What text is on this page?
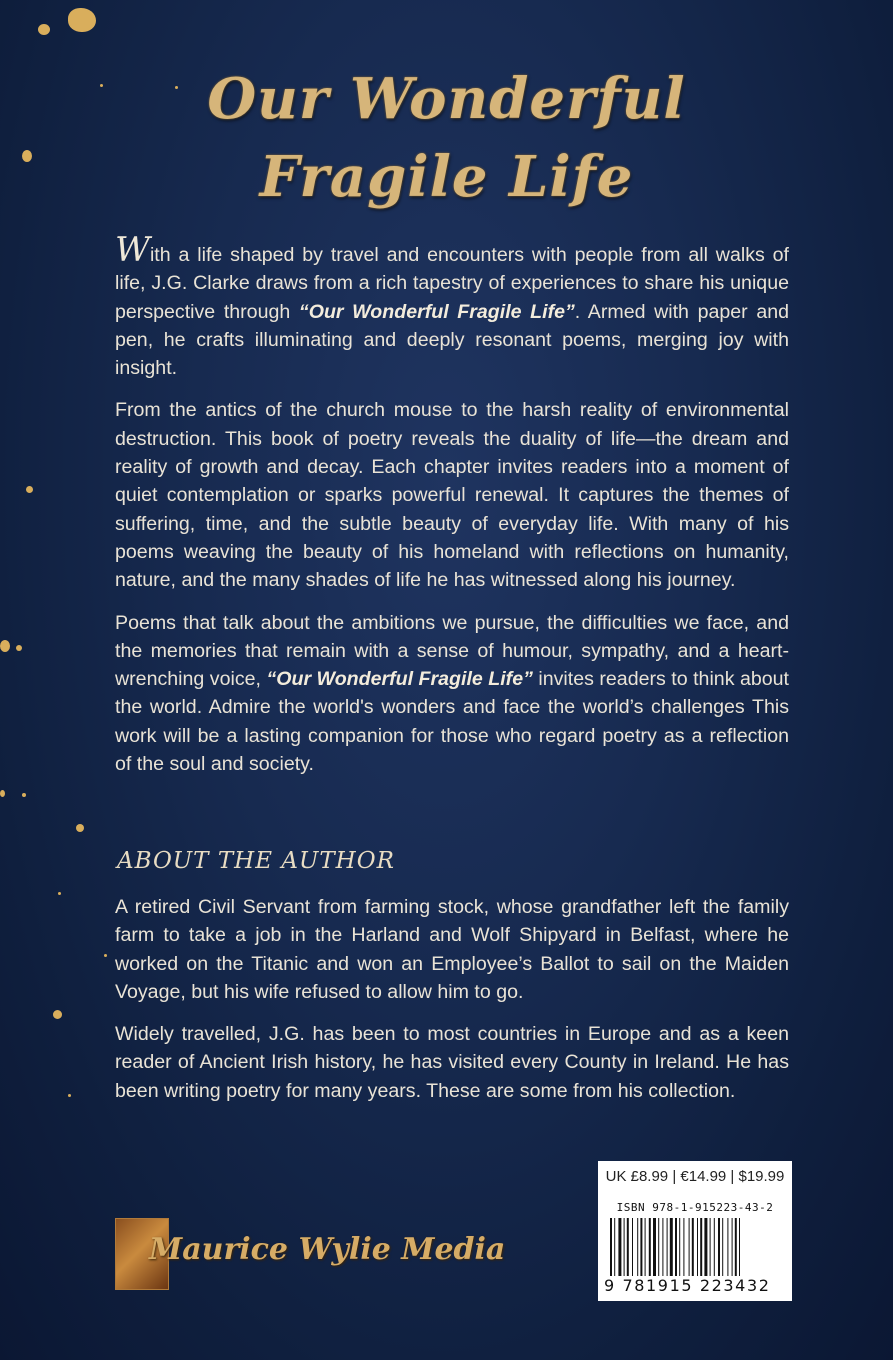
Our Wonderful
Fragile Life

With a life shaped by travel and encounters with people from all walks of life, J.G. Clarke draws from a rich tapestry of experiences to share his unique perspective through “Our Wonderful Fragile Life”. Armed with paper and pen, he crafts illuminating and deeply resonant poems, merging joy with insight.

From the antics of the church mouse to the harsh reality of environmental destruction. This book of poetry reveals the duality of life—the dream and reality of growth and decay. Each chapter invites readers into a moment of quiet contemplation or sparks powerful renewal. It captures the themes of suffering, time, and the subtle beauty of everyday life. With many of his poems weaving the beauty of his homeland with reflections on humanity, nature, and the many shades of life he has witnessed along his journey.

Poems that talk about the ambitions we pursue, the difficulties we face, and the memories that remain with a sense of humour, sympathy, and a heart-wrenching voice, “Our Wonderful Fragile Life” invites readers to think about the world. Admire the world's wonders and face the world’s challenges This work will be a lasting companion for those who regard poetry as a reflection of the soul and society.

ABOUT THE AUTHOR

A retired Civil Servant from farming stock, whose grandfather left the family farm to take a job in the Harland and Wolf Shipyard in Belfast, where he worked on the Titanic and won an Employee’s Ballot to sail on the Maiden Voyage, but his wife refused to allow him to go.

Widely travelled, J.G. has been to most countries in Europe and as a keen reader of Ancient Irish history, he has visited every County in Ireland. He has been writing poetry for many years. These are some from his collection.

Maurice Wylie Media
UK £8.99 | €14.99 | $19.99
ISBN 978-1-915223-43-2
9 781915 223432
